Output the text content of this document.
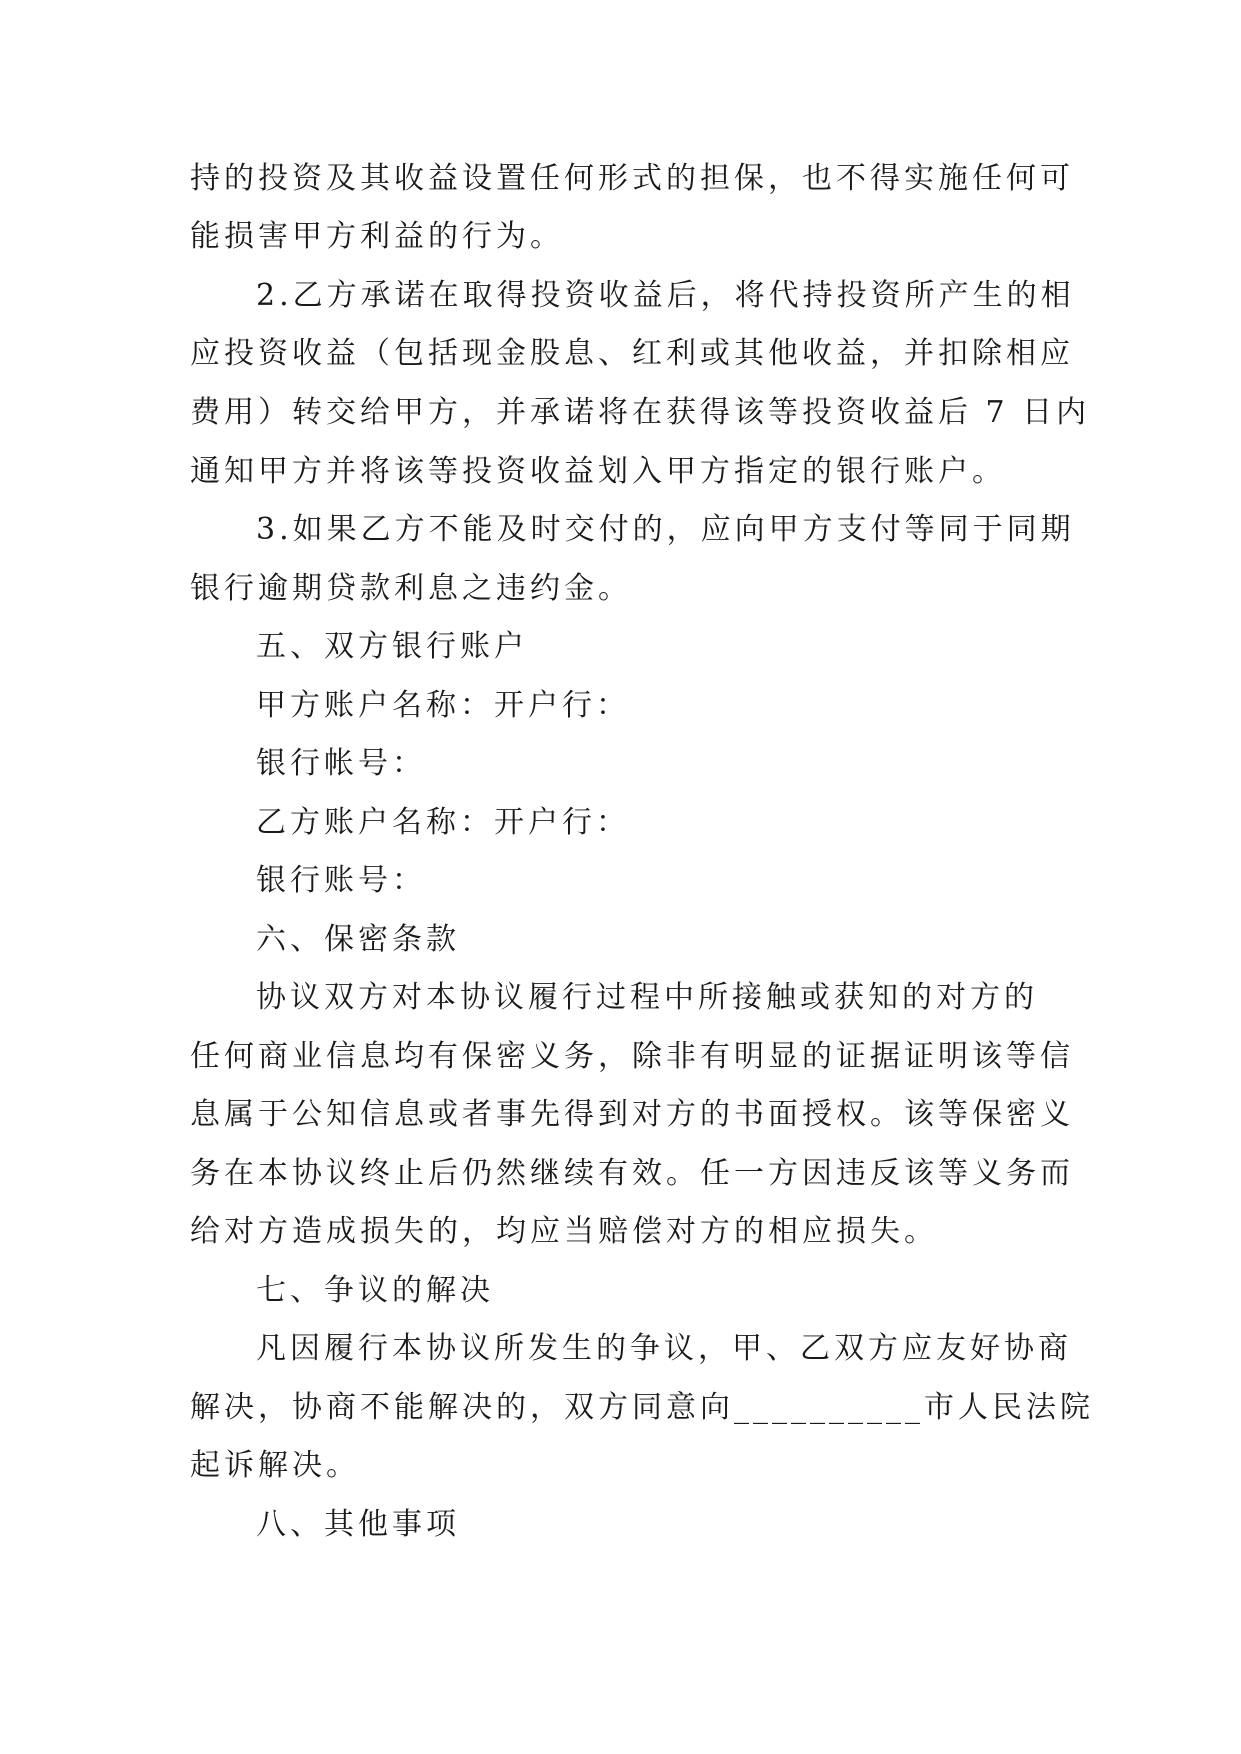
持的投资及其收益设置任何形式的担保，也不得实施任何可
能损害甲方利益的行为。
2.乙方承诺在取得投资收益后，将代持投资所产生的相
应投资收益（包括现金股息、红利或其他收益，并扣除相应
费用）转交给甲方，并承诺将在获得该等投资收益后 7 日内
通知甲方并将该等投资收益划入甲方指定的银行账户。
3.如果乙方不能及时交付的，应向甲方支付等同于同期
银行逾期贷款利息之违约金。
五、双方银行账户
甲方账户名称：开户行：
银行帐号：
乙方账户名称：开户行：
银行账号：
六、保密条款
协议双方对本协议履行过程中所接触或获知的对方的
任何商业信息均有保密义务，除非有明显的证据证明该等信
息属于公知信息或者事先得到对方的书面授权。该等保密义
务在本协议终止后仍然继续有效。任一方因违反该等义务而
给对方造成损失的，均应当赔偿对方的相应损失。
七、争议的解决
凡因履行本协议所发生的争议，甲、乙双方应友好协商
解决，协商不能解决的，双方同意向__________市人民法院
起诉解决。
八、其他事项
